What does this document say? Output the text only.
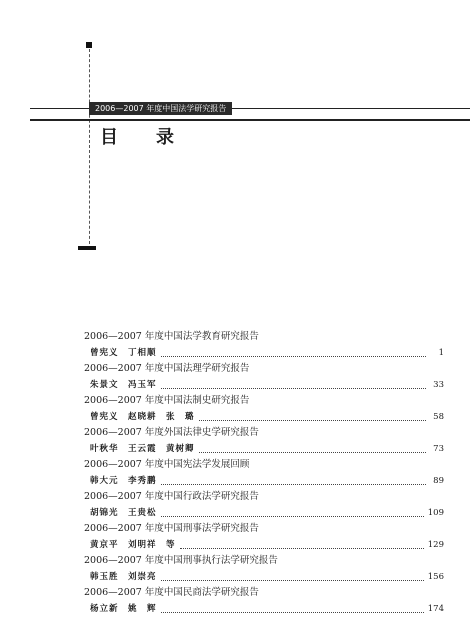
2006—2007 年度中国法学研究报告
目 录
2006—2007 年度中国法学教育研究报告
曾宪义　丁相顺	1
2006—2007 年度中国法理学研究报告
朱景文　冯玉军	33
2006—2007 年度中国法制史研究报告
曾宪义　赵晓耕　张　璐	58
2006—2007 年度外国法律史学研究报告
叶秋华　王云霞　黄树卿	73
2006—2007 年度中国宪法学发展回顾
韩大元　李秀鹏	89
2006—2007 年度中国行政法学研究报告
胡锦光　王贵松	109
2006—2007 年度中国刑事法学研究报告
黄京平　刘明祥　等	129
2006—2007 年度中国刑事执行法学研究报告
韩玉胜　刘崇亮	156
2006—2007 年度中国民商法学研究报告
杨立新　姚　辉	174
